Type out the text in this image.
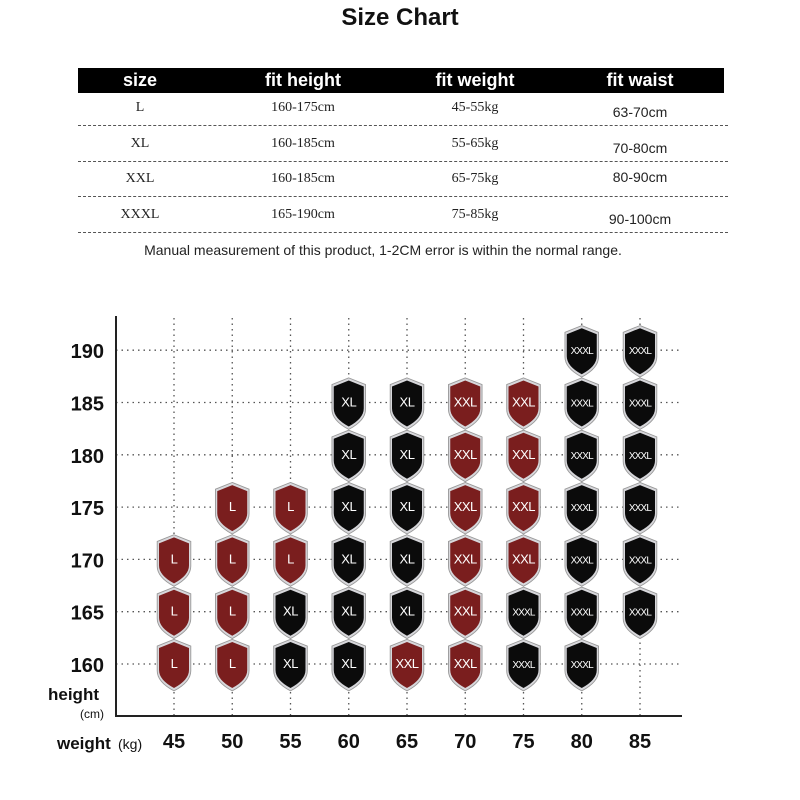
Size Chart
size	fit height	fit weight	fit waist
L	160-175cm	45-55kg	63-70cm
XL	160-185cm	55-65kg	70-80cm
XXL	160-185cm	65-75kg	80-90cm
XXXL	165-190cm	75-85kg	90-100cm
Manual measurement of this product, 1-2CM error is within the normal range.
45 50 55 60 65 70 75 80 85
160
165
170
175
180
185
190
height
(cm)
weight (kg)
L
L
L
L
L
L
L
XL
XL
L
L
XL
XL
XL
XL
XL
XL
XXL
XL
XL
XL
XL
XL
XXL
XXL
XXL
XXL
XXL
XXL
XXXL
XXXL
XXL
XXL
XXL
XXL
XXXL
XXXL
XXXL
XXXL
XXXL
XXXL
XXXL
XXXL
XXXL
XXXL
XXXL
XXXL
XXXL
